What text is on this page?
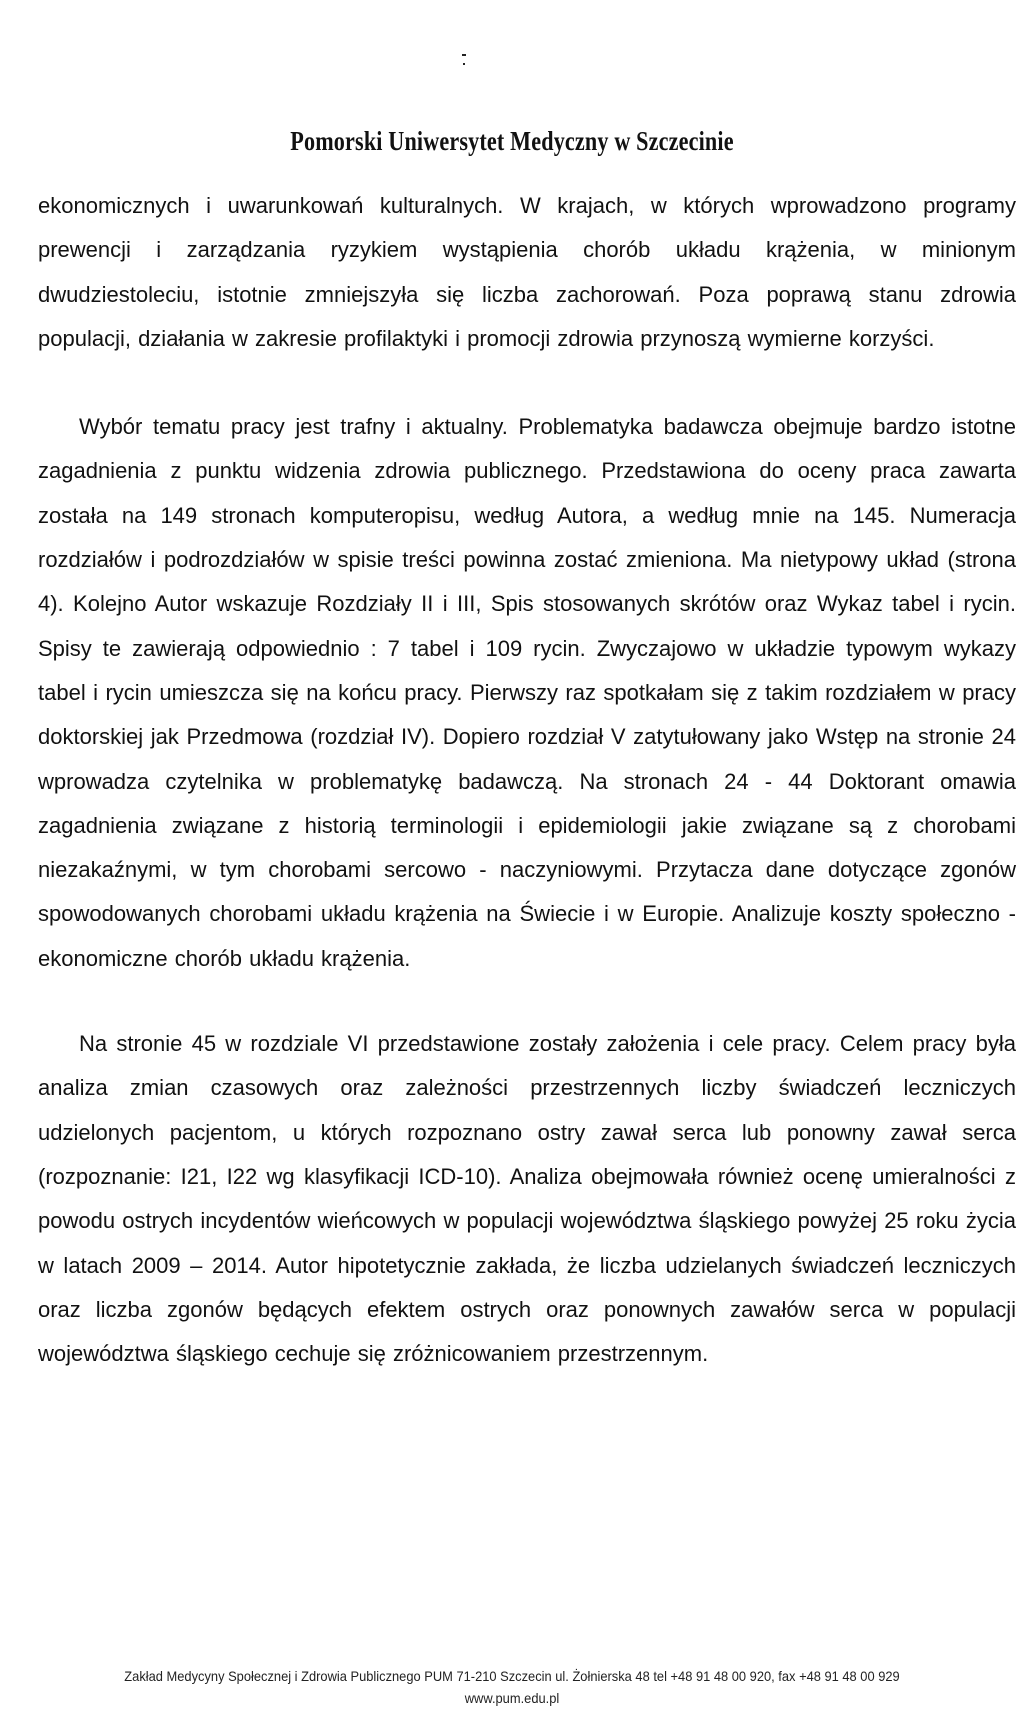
Pomorski Uniwersytet Medyczny w Szczecinie

ekonomicznych i uwarunkowań kulturalnych. W krajach, w których wprowadzono programy prewencji i zarządzania ryzykiem wystąpienia chorób układu krążenia, w minionym dwudziestoleciu, istotnie zmniejszyła się liczba zachorowań. Poza poprawą stanu zdrowia populacji, działania w zakresie profilaktyki i promocji zdrowia przynoszą wymierne korzyści.

Wybór tematu pracy jest trafny i aktualny. Problematyka badawcza obejmuje bardzo istotne zagadnienia z punktu widzenia zdrowia publicznego. Przedstawiona do oceny praca zawarta została na 149 stronach komputeropisu, według Autora, a według mnie na 145. Numeracja rozdziałów i podrozdziałów w spisie treści powinna zostać zmieniona. Ma nietypowy układ (strona 4). Kolejno Autor wskazuje Rozdziały II i III, Spis stosowanych skrótów oraz Wykaz tabel i rycin. Spisy te zawierają odpowiednio : 7 tabel i 109 rycin. Zwyczajowo w układzie typowym wykazy tabel i rycin umieszcza się na końcu pracy. Pierwszy raz spotkałam się z takim rozdziałem w pracy doktorskiej jak Przedmowa (rozdział IV). Dopiero rozdział V zatytułowany jako Wstęp na stronie 24 wprowadza czytelnika w problematykę badawczą. Na stronach 24 - 44 Doktorant omawia zagadnienia związane z historią terminologii i epidemiologii jakie związane są z chorobami niezakaźnymi, w tym chorobami sercowo - naczyniowymi. Przytacza dane dotyczące zgonów spowodowanych chorobami układu krążenia na Świecie i w Europie. Analizuje koszty społeczno - ekonomiczne chorób układu krążenia.

Na stronie 45 w rozdziale VI przedstawione zostały założenia i cele pracy. Celem pracy była analiza zmian czasowych oraz zależności przestrzennych liczby świadczeń leczniczych udzielonych pacjentom, u których rozpoznano ostry zawał serca lub ponowny zawał serca (rozpoznanie: I21, I22 wg klasyfikacji ICD-10). Analiza obejmowała również ocenę umieralności z powodu ostrych incydentów wieńcowych w populacji województwa śląskiego powyżej 25 roku życia w latach 2009 – 2014. Autor hipotetycznie zakłada, że liczba udzielanych świadczeń leczniczych oraz liczba zgonów będących efektem ostrych oraz ponownych zawałów serca w populacji województwa śląskiego cechuje się zróżnicowaniem przestrzennym.

Zakład Medycyny Społecznej i Zdrowia Publicznego PUM 71-210 Szczecin ul. Żołnierska 48 tel +48 91 48 00 920, fax +48 91 48 00 929
www.pum.edu.pl
